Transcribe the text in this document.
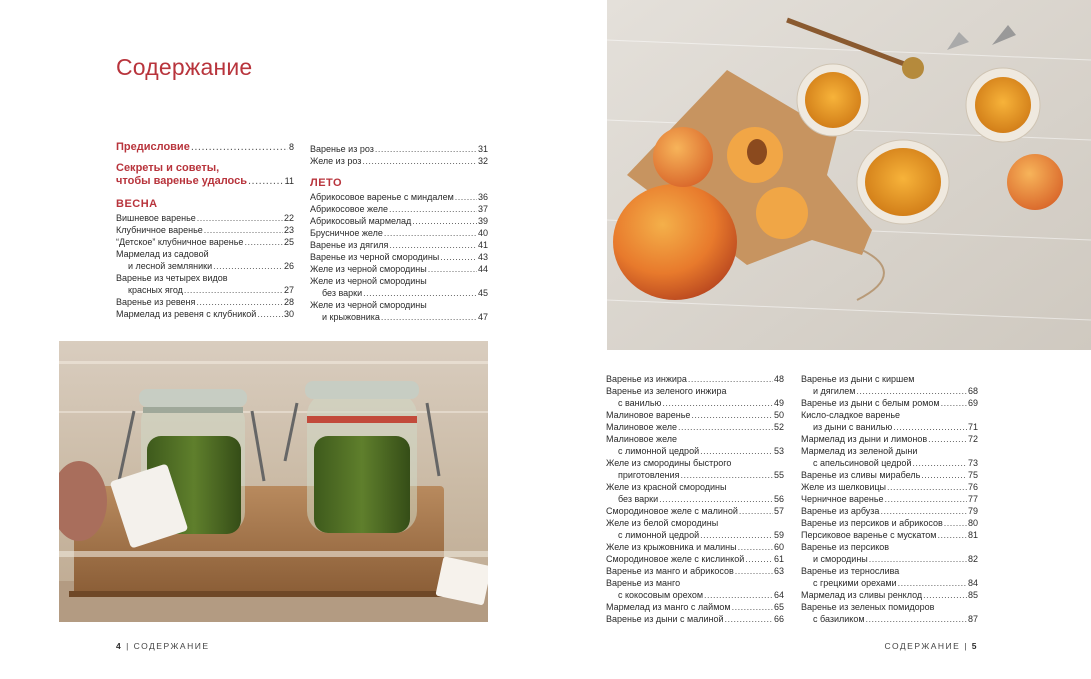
Содержание
Предисловие .....	8
Секреты и советы,
чтобы варенье удалось .....	11
ВЕСНА
Вишневое варенье .....	22
Клубничное варенье .....	23
“Детское” клубничное варенье .....	25
Мармелад из садовой
и лесной земляники .....	26
Варенье из четырех видов
красных ягод .....	27
Варенье из ревеня .....	28
Мармелад из ревеня с клубникой .....	30
Варенье из роз .....	31
Желе из роз .....	32
ЛЕТО
Абрикосовое варенье с миндалем .....	36
Абрикосовое желе .....	37
Абрикосовый мармелад .....	39
Брусничное желе .....	40
Варенье из дягиля .....	41
Варенье из черной смородины .....	43
Желе из черной смородины .....	44
Желе из черной смородины
без варки .....	45
Желе из черной смородины
и крыжовника .....	47
Варенье из инжира .....	48
Варенье из зеленого инжира
с ванилью .....	49
Малиновое варенье .....	50
Малиновое желе .....	52
Малиновое желе
с лимонной цедрой .....	53
Желе из смородины быстрого
приготовления .....	55
Желе из красной смородины
без варки .....	56
Смородиновое желе с малиной .....	57
Желе из белой смородины
с лимонной цедрой .....	59
Желе из крыжовника и малины .....	60
Смородиновое желе с кислинкой .....	61
Варенье из манго и абрикосов .....	63
Варенье из манго
с кокосовым орехом .....	64
Мармелад из манго с лаймом .....	65
Варенье из дыни с малиной .....	66
Варенье из дыни с киршем
и дягилем .....	68
Варенье из дыни с белым ромом .....	69
Кисло-сладкое варенье
из дыни с ванилью .....	71
Мармелад из дыни и лимонов .....	72
Мармелад из зеленой дыни
с апельсиновой цедрой .....	73
Варенье из сливы мирабель .....	75
Желе из шелковицы .....	76
Черничное варенье .....	77
Варенье из арбуза .....	79
Варенье из персиков и абрикосов .....	80
Персиковое варенье с мускатом .....	81
Варенье из персиков
и смородины .....	82
Варенье из тернослива
с грецкими орехами .....	84
Мармелад из сливы ренклод .....	85
Варенье из зеленых помидоров
с базиликом .....	87
4 | СОДЕРЖАНИЕ	СОДЕРЖАНИЕ | 5
